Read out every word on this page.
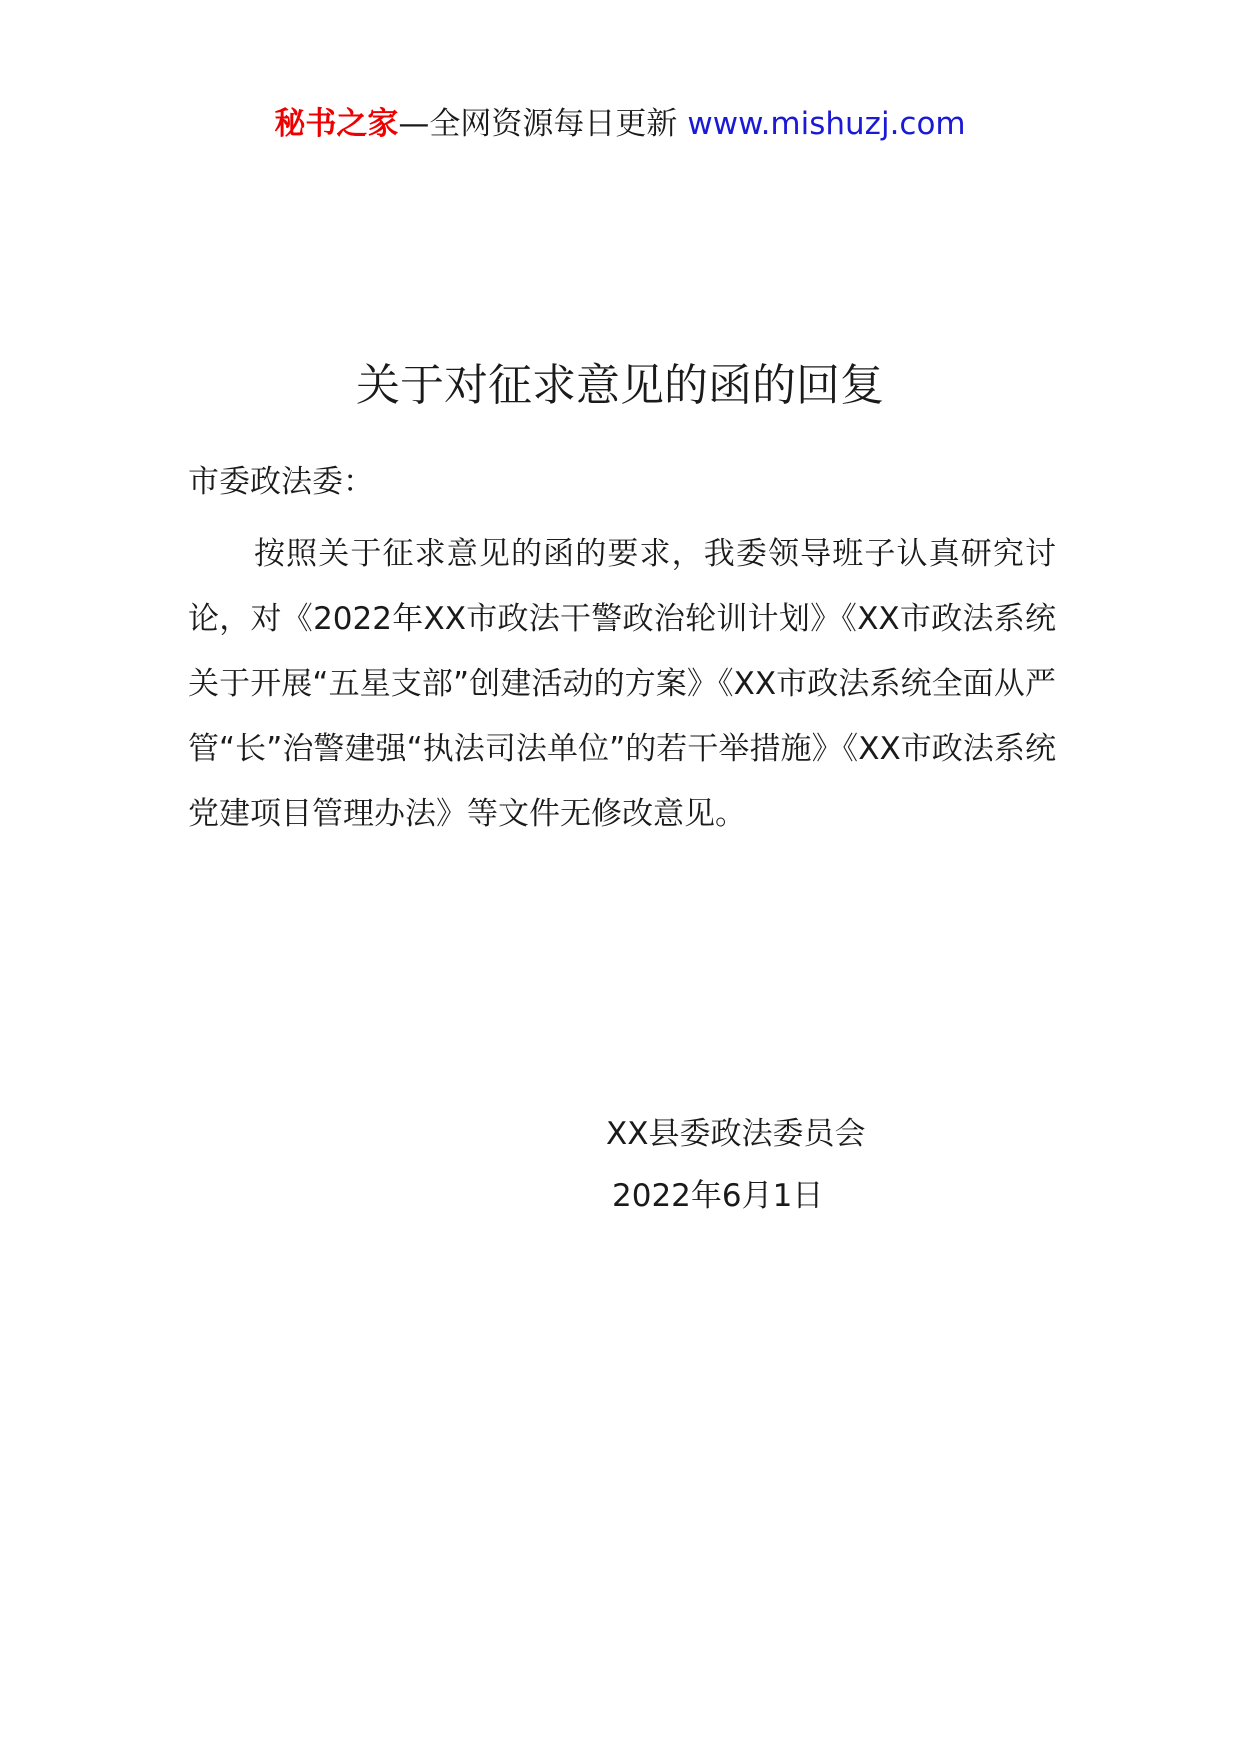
秘书之家—全网资源每日更新 www.mishuzj.com
关于对征求意见的函的回复
市委政法委：
按照关于征求意见的函的要求，我委领导班子认真研究讨论，对《2022年XX市政法干警政治轮训计划》《XX市政法系统关于开展“五星支部”创建活动的方案》《XX市政法系统全面从严管“长”治警建强“执法司法单位”的若干举措施》《XX市政法系统党建项目管理办法》等文件无修改意见。
XX县委政法委员会
2022年6月1日
